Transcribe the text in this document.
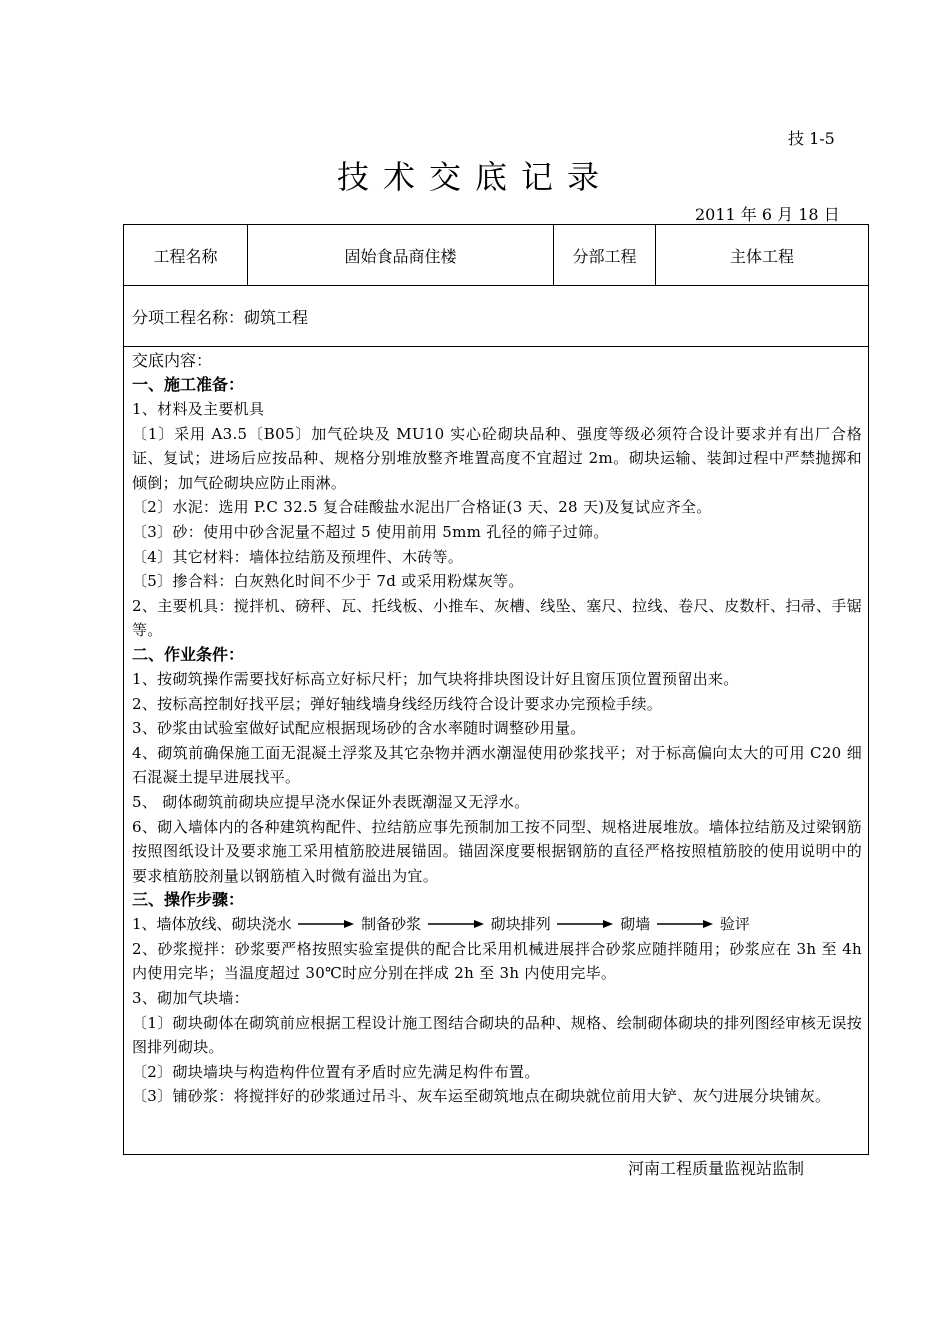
技 1-5
技术交底记录
2011 年 6 月 18 日
工程名称	固始食品商住楼	分部工程	主体工程
分项工程名称：砌筑工程

交底内容：
一、施工准备：
1、材料及主要机具
〔1〕采用 A3.5〔B05〕加气砼块及 MU10 实心砼砌块品种、强度等级必须符合设计要求并有出厂合格证、复试；进场后应按品种、规格分别堆放整齐堆置高度不宜超过 2m。砌块运输、装卸过程中严禁抛掷和倾倒；加气砼砌块应防止雨淋。
〔2〕水泥：选用 P.C 32.5 复合硅酸盐水泥出厂合格证(3 天、28 天)及复试应齐全。
〔3〕砂：使用中砂含泥量不超过 5 使用前用 5mm 孔径的筛子过筛。
〔4〕其它材料：墙体拉结筋及预埋件、木砖等。
〔5〕掺合料：白灰熟化时间不少于 7d 或采用粉煤灰等。
2、主要机具：搅拌机、磅秤、瓦、托线板、小推车、灰槽、线坠、塞尺、拉线、卷尺、皮数杆、扫帚、手锯等。
二、作业条件：
1、按砌筑操作需要找好标高立好标尺杆；加气块将排块图设计好且窗压顶位置预留出来。
2、按标高控制好找平层；弹好轴线墙身线经历线符合设计要求办完预检手续。
3、砂浆由试验室做好试配应根据现场砂的含水率随时调整砂用量。
4、砌筑前确保施工面无混凝土浮浆及其它杂物并洒水潮湿使用砂浆找平；对于标高偏向太大的可用 C20 细石混凝土提早进展找平。
5、 砌体砌筑前砌块应提早浇水保证外表既潮湿又无浮水。
6、砌入墙体内的各种建筑构配件、拉结筋应事先预制加工按不同型、规格进展堆放。墙体拉结筋及过梁钢筋按照图纸设计及要求施工采用植筋胶进展锚固。锚固深度要根据钢筋的直径严格按照植筋胶的使用说明中的要求植筋胶剂量以钢筋植入时微有溢出为宜。
三、操作步骤：
1、墙体放线、砌块浇水	制备砂浆	砌块排列	砌墙	验评
2、砂浆搅拌：砂浆要严格按照实验室提供的配合比采用机械进展拌合砂浆应随拌随用；砂浆应在 3h 至 4h 内使用完毕；当温度超过 30℃时应分别在拌成 2h 至 3h 内使用完毕。
3、砌加气块墙：
〔1〕砌块砌体在砌筑前应根据工程设计施工图结合砌块的品种、规格、绘制砌体砌块的排列图经审核无误按图排列砌块。
〔2〕砌块墙块与构造构件位置有矛盾时应先满足构件布置。
〔3〕铺砂浆：将搅拌好的砂浆通过吊斗、灰车运至砌筑地点在砌块就位前用大铲、灰勺进展分块铺灰。
河南工程质量监视站监制
